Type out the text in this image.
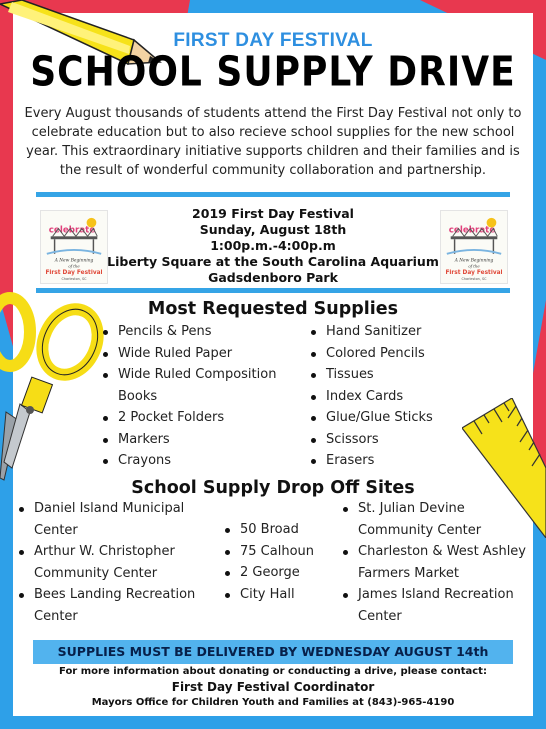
FIRST DAY FESTIVAL
SCHOOL SUPPLY DRIVE
Every August thousands of students attend the First Day Festival not only to celebrate education but to also recieve school supplies for the new school year. This extraordinary initiative supports children and their families and is the result of wonderful community collaboration and partnership.
celebrate
A New Beginning
of the
First Day Festival
Charleston, SC
2019 First Day Festival
Sunday, August 18th
1:00p.m.-4:00p.m
Liberty Square at the South Carolina Aquarium
Gadsdenboro Park
celebrate
A New Beginning
of the
First Day Festival
Charleston, SC
Most Requested Supplies
Pencils & Pens
Wide Ruled Paper
Wide Ruled Composition Books
2 Pocket Folders
Markers
Crayons
Hand Sanitizer
Colored Pencils
Tissues
Index Cards
Glue/Glue Sticks
Scissors
Erasers
School Supply Drop Off Sites
Daniel Island Municipal Center
Arthur W. Christopher Community Center
Bees Landing Recreation Center
50 Broad
75 Calhoun
2 George
City Hall
St. Julian Devine Community Center
Charleston & West Ashley Farmers Market
James Island Recreation Center
SUPPLIES MUST BE DELIVERED BY WEDNESDAY AUGUST 14th
For more information about donating or conducting a drive, please contact:
First Day Festival Coordinator
Mayors Office for Children Youth and Families at (843)-965-4190
